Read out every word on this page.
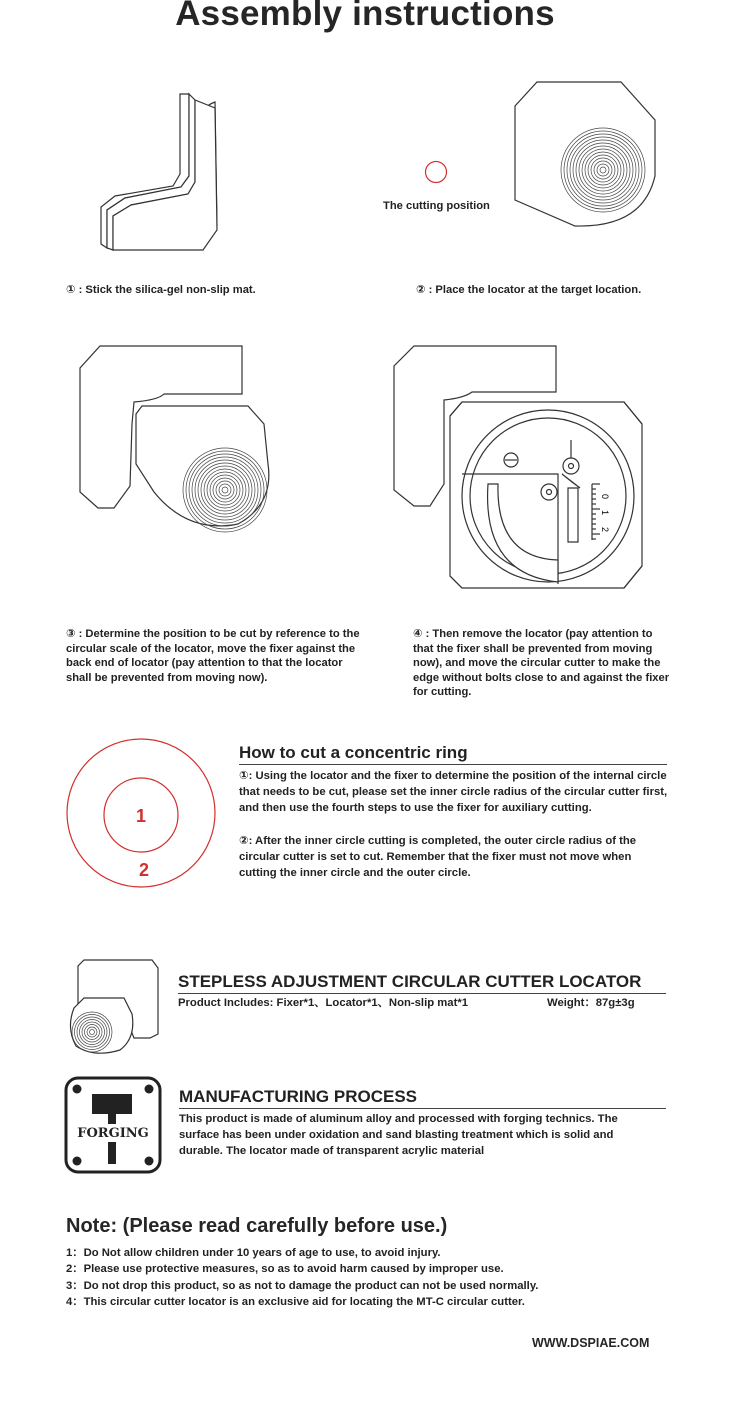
Assembly instructions
The cutting position
① : Stick the silica-gel non-slip mat.	② : Place the locator at the target location.
0
1
2
③ : Determine the position to be cut by reference to the circular scale of the locator, move the fixer against the back end of locator (pay attention to that the locator shall be prevented from moving now).
④ : Then remove the locator (pay attention to that the fixer shall be prevented from moving now), and move the circular cutter to make the edge without bolts close to and against the fixer for cutting.
1
2
How to cut a concentric ring
①: Using the locator and the fixer to determine the position of the internal circle that needs to be cut, please set the inner circle radius of the circular cutter first, and then use the fourth steps to use the fixer for auxiliary cutting.
②: After the inner circle cutting is completed, the outer circle radius of the circular cutter is set to cut. Remember that the fixer must not move when cutting the inner circle and the outer circle.
STEPLESS ADJUSTMENT CIRCULAR CUTTER LOCATOR
Product Includes: Fixer*1、Locator*1、Non-slip mat*1	Weight：87g±3g
FORGING
MANUFACTURING PROCESS
This product is made of aluminum alloy and processed with forging technics. The surface has been under oxidation and sand blasting treatment which is solid and durable. The locator made of transparent acrylic material
Note: (Please read carefully before use.)
1：Do Not allow children under 10 years of age to use, to avoid injury.
2：Please use protective measures, so as to avoid harm caused by improper use.
3：Do not drop this product, so as not to damage the product can not be used normally.
4：This circular cutter locator is an exclusive aid for locating the MT-C circular cutter.
WWW.DSPIAE.COM
